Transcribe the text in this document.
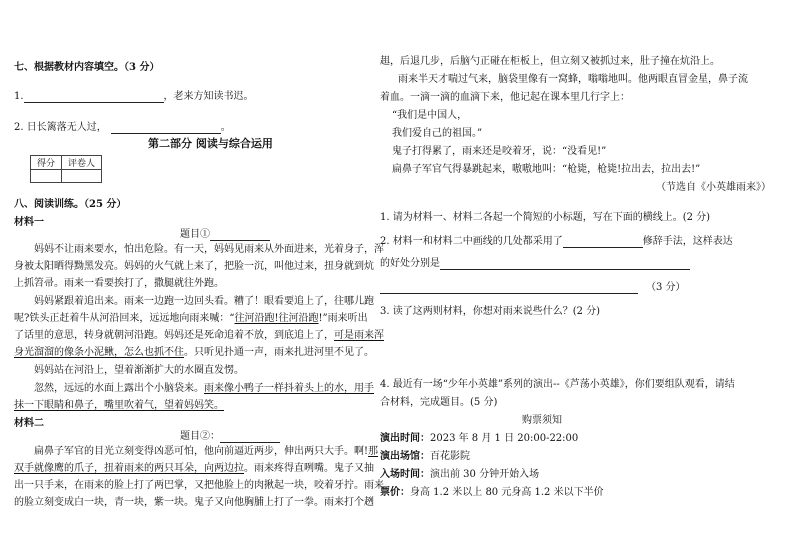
七、根据教材内容填空。（3 分）
1.	，老来方知读书迟。
2. 日长篱落无人过，	。
第二部分 阅读与综合运用
得分	评卷人

八、阅读训练。（25 分）
材料一
题目①
妈妈不让雨来要水，怕出危险。有一天，妈妈见雨来从外面进来，光着身子，浑
身被太阳晒得黝黑发亮。妈妈的火气就上来了，把脸一沉，叫他过来，扭身就到炕
上抓笤帚。雨来一看要挨打了，撒腿就往外跑。
妈妈紧跟着追出来。雨来一边跑一边回头看。糟了！眼看要追上了，往哪儿跑
呢?铁头正赶着牛从河沿回来，远远地向雨来喊：“往河沿跑!往河沿跑!”雨来听出
了话里的意思，转身就朝河沿跑。妈妈还是死命追着不放，到底追上了，可是雨来浑
身光溜溜的像条小泥鳅，怎么也抓不住。只听见扑通一声，雨来扎进河里不见了。
妈妈站在河沿上，望着渐渐扩大的水圈直发愣。
忽然，远远的水面上露出个小脑袋来。雨来像小鸭子一样抖着头上的水，用手
抹一下眼睛和鼻子，嘴里吹着气，望着妈妈笑。
材料二
题目②：
扁鼻子军官的目光立刻变得凶恶可怕，他向前逼近两步，伸出两只大手。啊!那
双手就像鹰的爪子，扭着雨来的两只耳朵，向两边拉。雨来疼得直咧嘴。鬼子又抽
出一只手来，在雨来的脸上打了两巴掌，又把他脸上的肉揪起一块，咬着牙拧。雨来
的脸立刻变成白一块，青一块，紫一块。鬼子又向他胸脯上打了一拳。雨来打个趔
趄，后退几步，后脑勺正碰在柜板上，但立刻又被抓过来，肚子撞在炕沿上。
雨来半天才喘过气来，脑袋里像有一窝蜂，嗡嗡地叫。他两眼直冒金星，鼻子流
着血。一滴一滴的血滴下来，他记起在课本里几行字上：
“我们是中国人，
我们爱自己的祖国。”
鬼子打得累了，雨来还是咬着牙，说：“没看见!”
扁鼻子军官气得暴跳起来，嗷嗷地叫：“枪毙，枪毙!拉出去，拉出去!”
（节选自《小英雄雨来》）
1. 请为材料一、材料二各起一个简短的小标题，写在下面的横线上。(2 分)
2. 材料一和材料二中画线的几处都采用了	修辞手法，这样表达
的好处分别是
（3 分）
3. 读了这两则材料，你想对雨来说些什么？(2 分)
4. 最近有一场“少年小英雄”系列的演出--《芦荡小英雄》，你们要组队观看，请结
合材料，完成题目。(5 分)
购票须知
演出时间：2023 年 8 月 1 日 20:00-22:00
演出场馆：百花影院
入场时间：演出前 30 分钟开始入场
票价：身高 1.2 米以上 80 元身高 1.2 米以下半价
